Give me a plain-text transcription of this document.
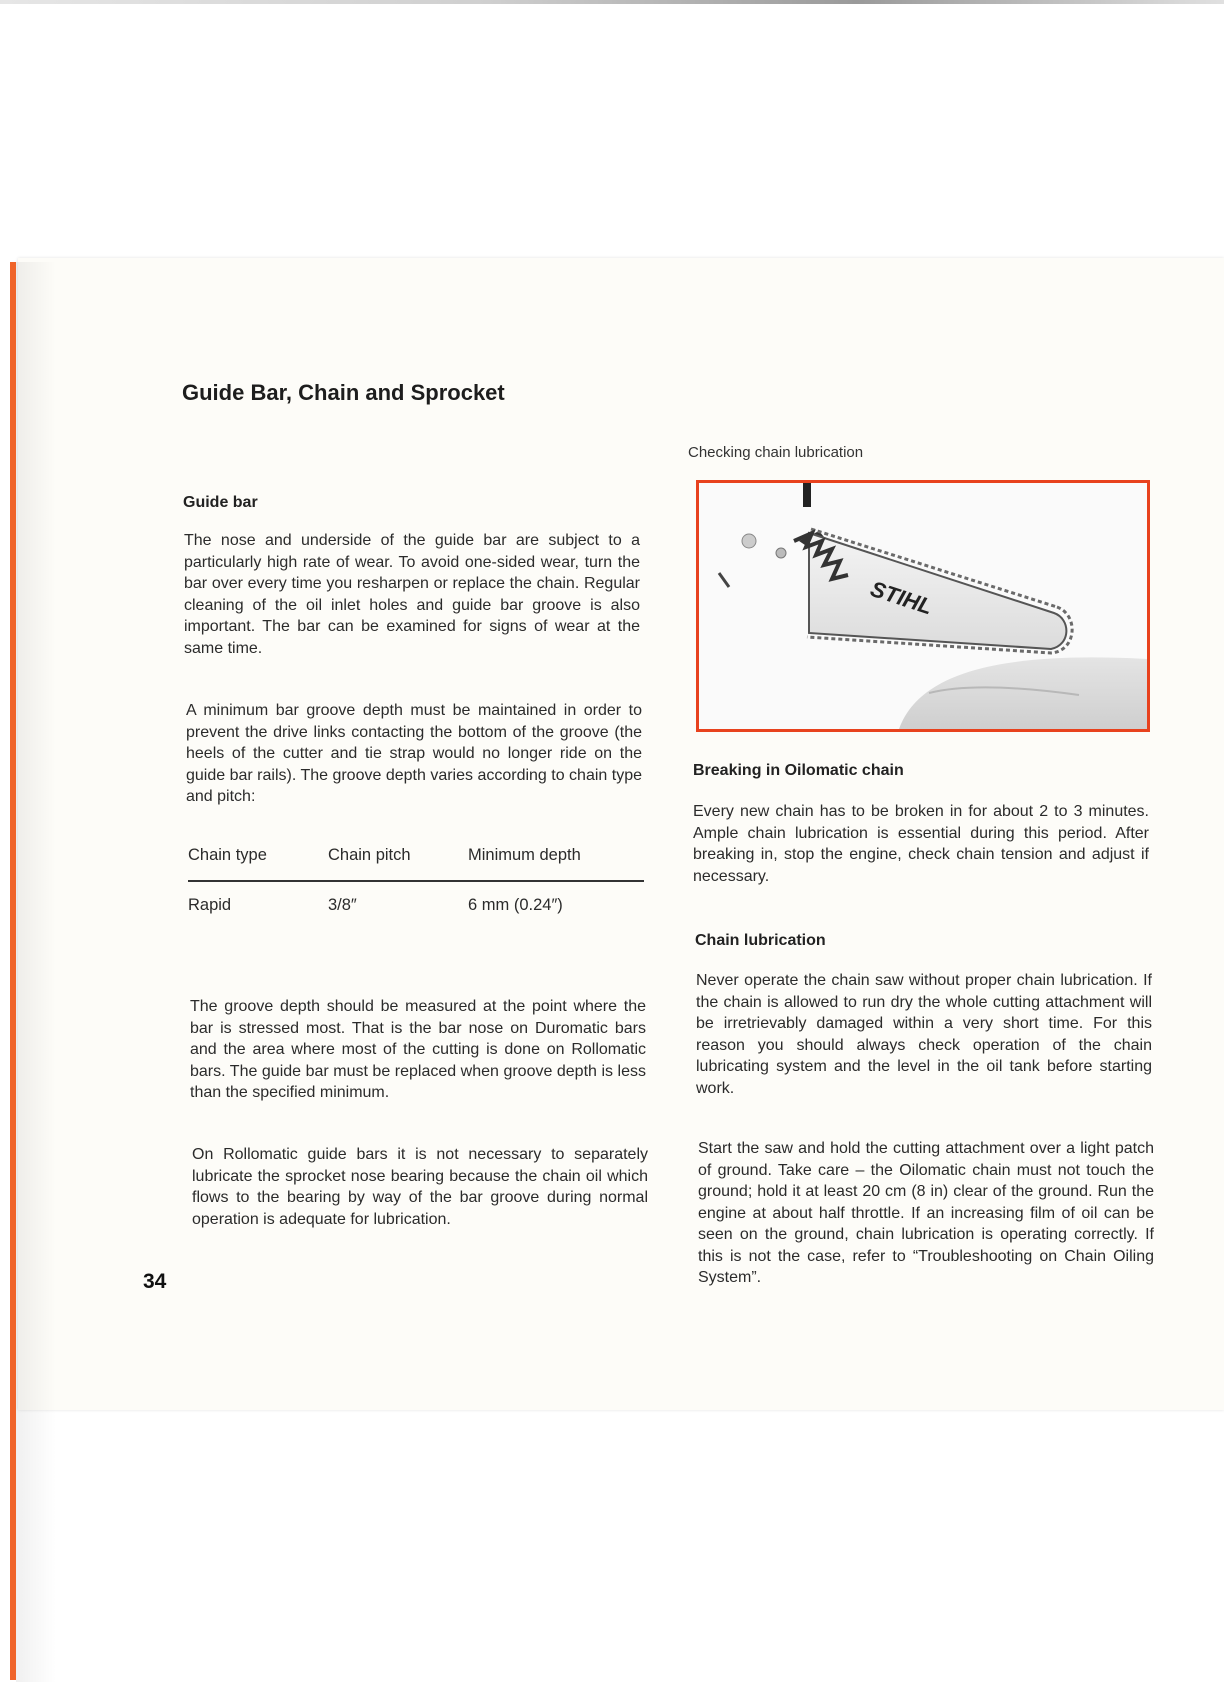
Guide Bar, Chain and Sprocket
Guide bar

The nose and underside of the guide bar are subject to a particularly high rate of wear. To avoid one-sided wear, turn the bar over every time you resharpen or replace the chain. Regular cleaning of the oil inlet holes and guide bar groove is also important. The bar can be examined for signs of wear at the same time.

A minimum bar groove depth must be maintained in order to prevent the drive links contacting the bottom of the groove (the heels of the cutter and tie strap would no longer ride on the guide bar rails). The groove depth varies according to chain type and pitch:

Chain type	Chain pitch	Minimum depth
Rapid	3/8″	6 mm (0.24″)

The groove depth should be measured at the point where the bar is stressed most. That is the bar nose on Duromatic bars and the area where most of the cutting is done on Rollomatic bars. The guide bar must be replaced when groove depth is less than the specified minimum.

On Rollomatic guide bars it is not necessary to separately lubricate the sprocket nose bearing because the chain oil which flows to the bearing by way of the bar groove during normal operation is adequate for lubrication.

34
Checking chain lubrication
STIHL
Breaking in Oilomatic chain

Every new chain has to be broken in for about 2 to 3 minutes. Ample chain lubrication is essential during this period. After breaking in, stop the engine, check chain tension and adjust if necessary.

Chain lubrication

Never operate the chain saw without proper chain lubrication. If the chain is allowed to run dry the whole cutting attachment will be irretrievably damaged within a very short time. For this reason you should always check operation of the chain lubricating system and the level in the oil tank before starting work.

Start the saw and hold the cutting attachment over a light patch of ground. Take care – the Oilomatic chain must not touch the ground; hold it at least 20 cm (8 in) clear of the ground. Run the engine at about half throttle. If an increasing film of oil can be seen on the ground, chain lubrication is operating correctly. If this is not the case, refer to “Troubleshooting on Chain Oiling System”.
